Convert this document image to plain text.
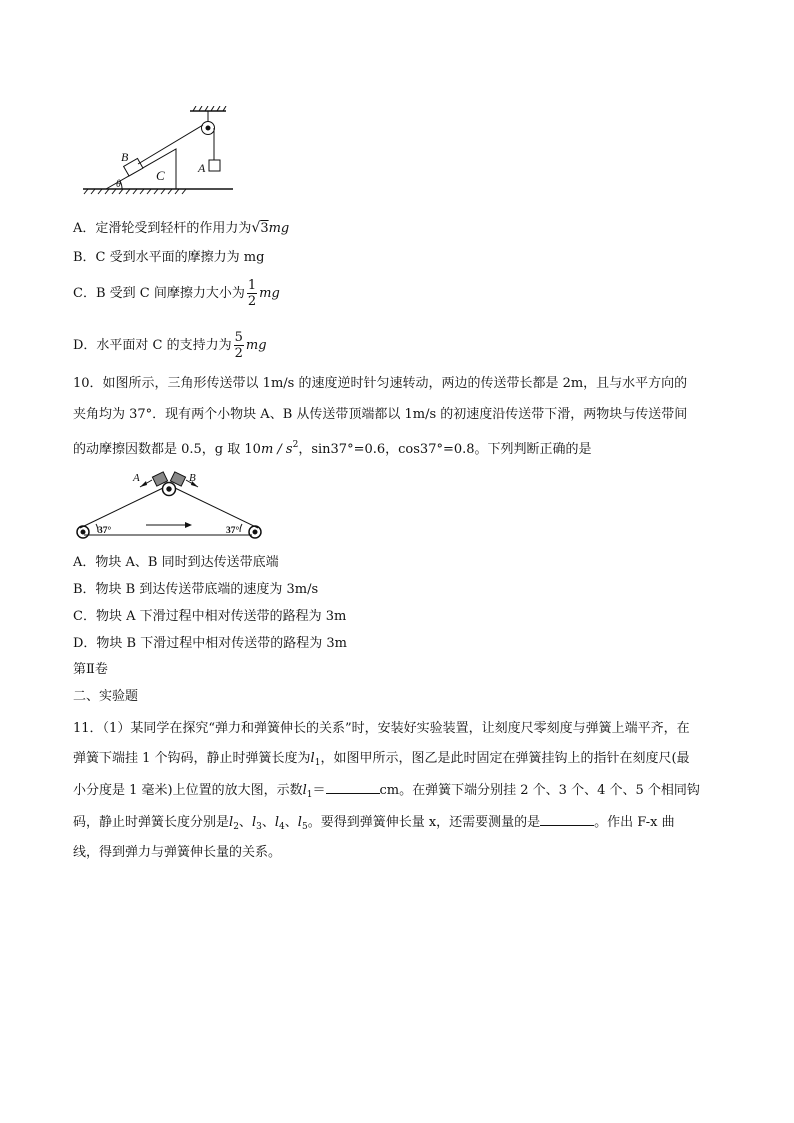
B
C	A
θ
A．定滑轮受到轻杆的作用力为√3mg
B．C 受到水平面的摩擦力为 mg
C．B 受到 C 间摩擦力大小为 $\frac{1}{2}$ mg
D．水平面对 C 的支持力为 $\frac{5}{2}$ mg
10．如图所示，三角形传送带以 1m/s 的速度逆时针匀速转动，两边的传送带长都是 2m，且与水平方向的
夹角均为 37°．现有两个小物块 A、B 从传送带顶端都以 1m/s 的初速度沿传送带下滑，两物块与传送带间
的动摩擦因数都是 0.5，g 取 $10m / s^2$，sin37°=0.6，cos37°=0.8。下列判断正确的是
A	B
37°	37°
A．物块 A、B 同时到达传送带底端
B．物块 B 到达传送带底端的速度为 3m/s
C．物块 A 下滑过程中相对传送带的路程为 3m
D．物块 B 下滑过程中相对传送带的路程为 3m
第Ⅱ卷
二、实验题
11．（1）某同学在探究“弹力和弹簧伸长的关系”时，安装好实验装置，让刻度尺零刻度与弹簧上端平齐，在
弹簧下端挂 1 个钩码，静止时弹簧长度为$l_1$，如图甲所示，图乙是此时固定在弹簧挂钩上的指针在刻度尺(最
小分度是 1 毫米)上位置的放大图，示数$l_1=$	cm。在弹簧下端分别挂 2 个、3 个、4 个、5 个相同钩
码，静止时弹簧长度分别是$l_2$、$l_3$、$l_4$、$l_5$。要得到弹簧伸长量 x，还需要测量的是	。作出 F-x 曲
线，得到弹力与弹簧伸长量的关系。
